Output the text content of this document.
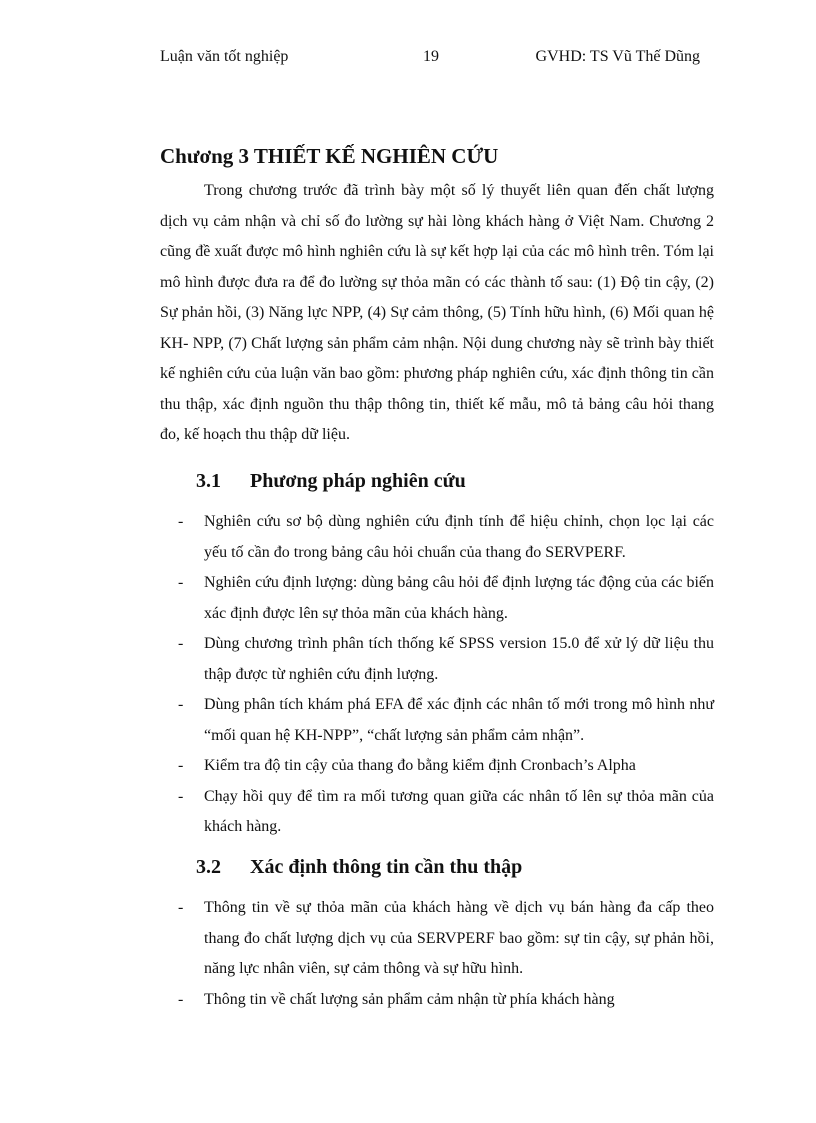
Luận văn tốt nghiệp	19	GVHD: TS Vũ Thế Dũng
Chương 3 THIẾT KẾ NGHIÊN CỨU

Trong chương trước đã trình bày một số lý thuyết liên quan đến chất lượng dịch vụ cảm nhận và chỉ số đo lường sự hài lòng khách hàng ở Việt Nam. Chương 2 cũng đề xuất được mô hình nghiên cứu là sự kết hợp lại của các mô hình trên. Tóm lại mô hình được đưa ra để đo lường sự thỏa mãn có các thành tố sau: (1) Độ tin cậy, (2) Sự phản hồi, (3) Năng lực NPP, (4) Sự cảm thông, (5) Tính hữu hình, (6) Mối quan hệ KH- NPP, (7) Chất lượng sản phẩm cảm nhận. Nội dung chương này sẽ trình bày thiết kế nghiên cứu của luận văn bao gồm: phương pháp nghiên cứu, xác định thông tin cần thu thập, xác định nguồn thu thập thông tin, thiết kế mẫu, mô tả bảng câu hỏi thang đo, kế hoạch thu thập dữ liệu.

3.1 Phương pháp nghiên cứu
- Nghiên cứu sơ bộ dùng nghiên cứu định tính để hiệu chỉnh, chọn lọc lại các yếu tố cần đo trong bảng câu hỏi chuẩn của thang đo SERVPERF.
- Nghiên cứu định lượng: dùng bảng câu hỏi để định lượng tác động của các biến xác định được lên sự thỏa mãn của khách hàng.
- Dùng chương trình phân tích thống kế SPSS version 15.0 để xử lý dữ liệu thu thập được từ nghiên cứu định lượng.
- Dùng phân tích khám phá EFA để xác định các nhân tố mới trong mô hình như “mối quan hệ KH-NPP”, “chất lượng sản phẩm cảm nhận”.
- Kiểm tra độ tin cậy của thang đo bằng kiểm định Cronbach’s Alpha
- Chạy hồi quy để tìm ra mối tương quan giữa các nhân tố lên sự thỏa mãn của khách hàng.
3.2 Xác định thông tin cần thu thập
- Thông tin về sự thỏa mãn của khách hàng về dịch vụ bán hàng đa cấp theo thang đo chất lượng dịch vụ của SERVPERF bao gồm: sự tin cậy, sự phản hồi, năng lực nhân viên, sự cảm thông và sự hữu hình.
- Thông tin về chất lượng sản phẩm cảm nhận từ phía khách hàng
